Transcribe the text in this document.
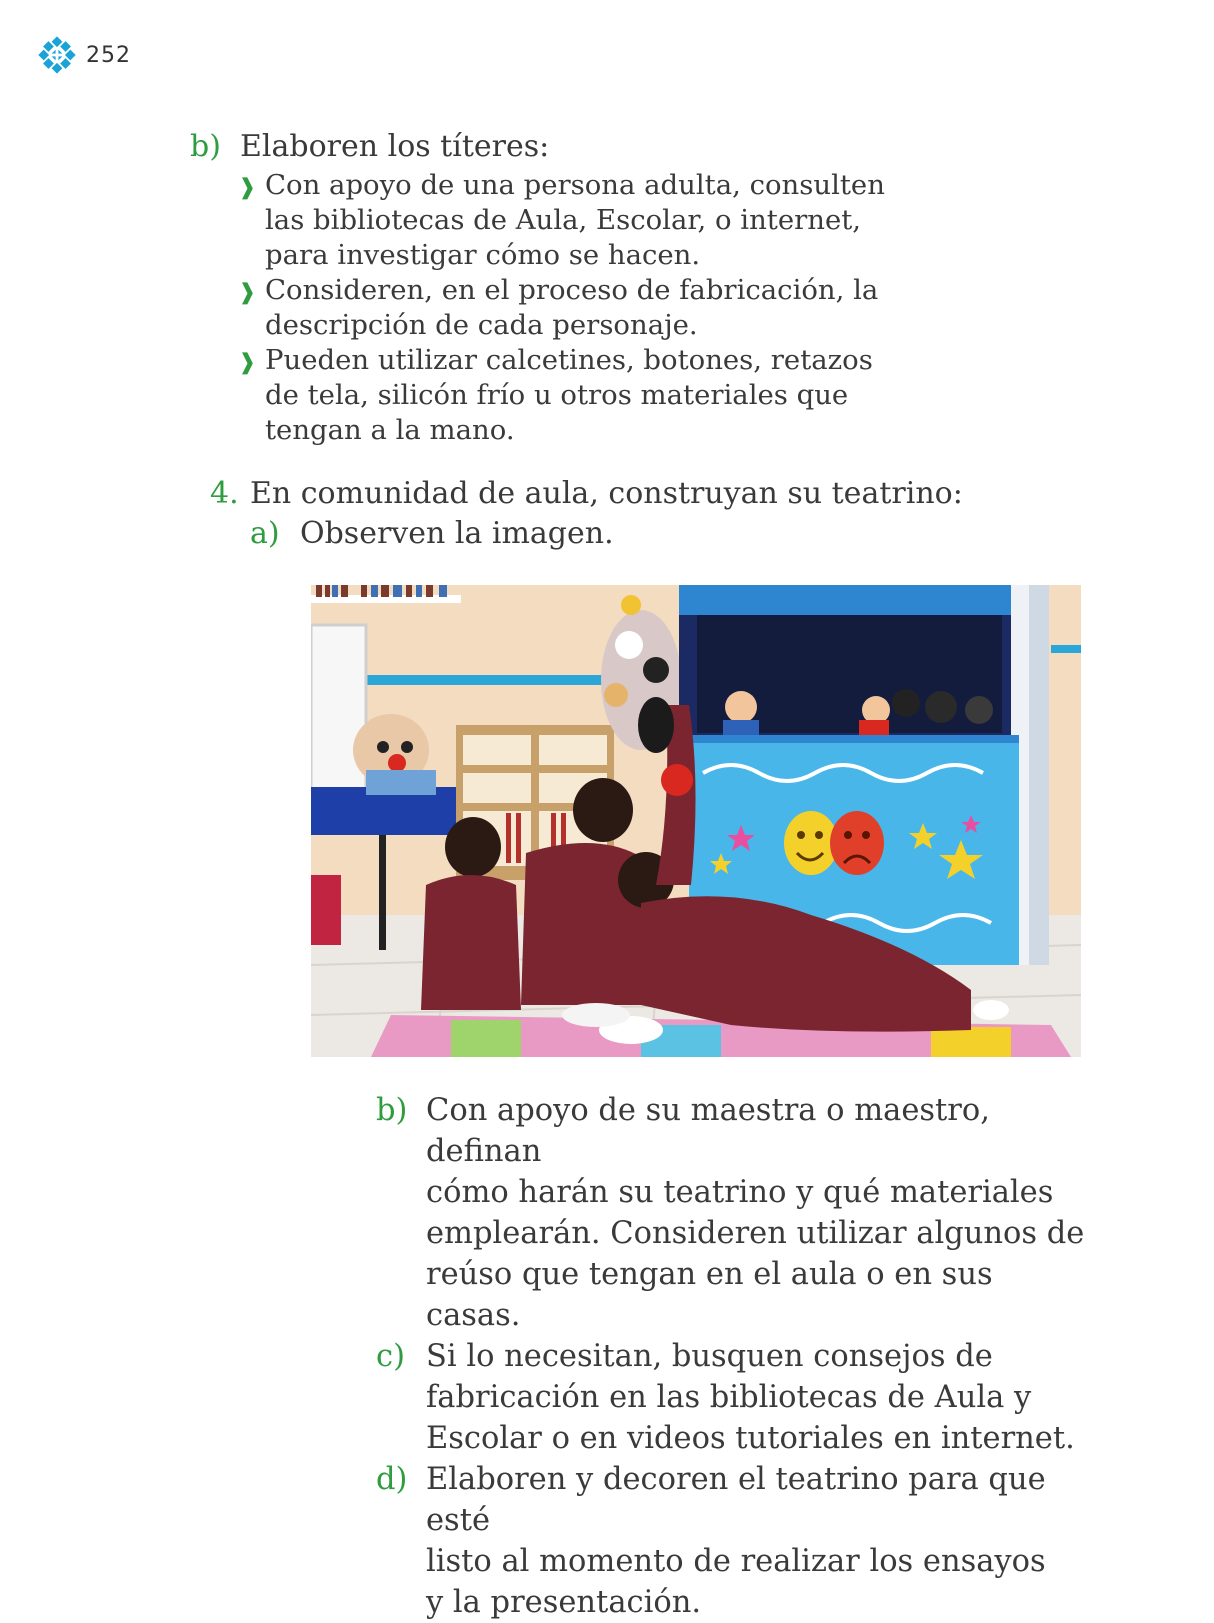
252
b) Elaboren los títeres:
❱ Con apoyo de una persona adulta, consulten
las bibliotecas de Aula, Escolar, o internet,
para investigar cómo se hacen.
❱ Consideren, en el proceso de fabricación, la
descripción de cada personaje.
❱ Pueden utilizar calcetines, botones, retazos
de tela, silicón frío u otros materiales que
tengan a la mano.
4. En comunidad de aula, construyan su teatrino:
a) Observen la imagen.
b) Con apoyo de su maestra o maestro, definan
cómo harán su teatrino y qué materiales
emplearán. Consideren utilizar algunos de
reúso que tengan en el aula o en sus casas.
c) Si lo necesitan, busquen consejos de
fabricación en las bibliotecas de Aula y
Escolar o en videos tutoriales en internet.
d) Elaboren y decoren el teatrino para que esté
listo al momento de realizar los ensayos
y la presentación.
